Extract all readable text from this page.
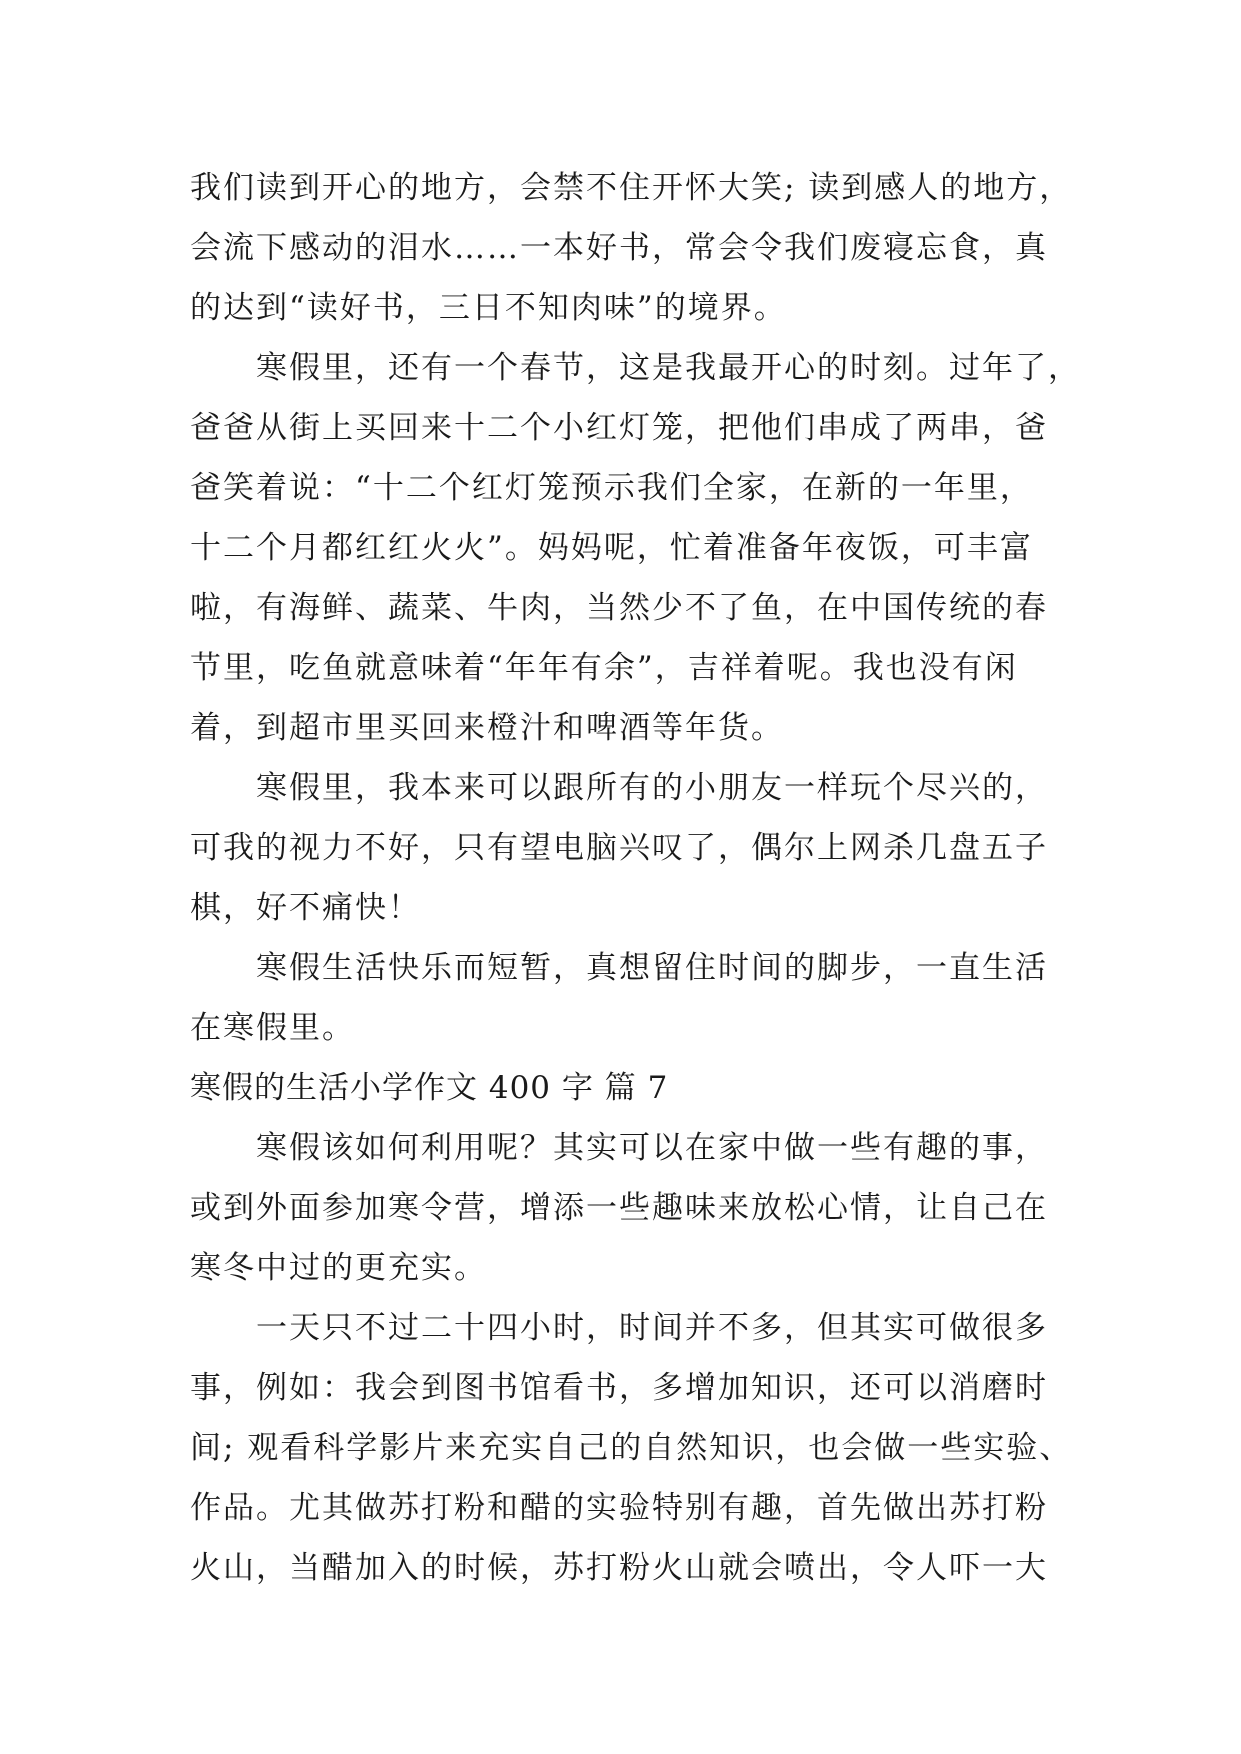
我们读到开心的地方，会禁不住开怀大笑; 读到感人的地方，
会流下感动的泪水……一本好书，常会令我们废寝忘食，真
的达到“读好书，三日不知肉味”的境界。
寒假里，还有一个春节，这是我最开心的时刻。过年了，
爸爸从街上买回来十二个小红灯笼，把他们串成了两串，爸
爸笑着说：“十二个红灯笼预示我们全家，在新的一年里，
十二个月都红红火火”。妈妈呢，忙着准备年夜饭，可丰富
啦，有海鲜、蔬菜、牛肉，当然少不了鱼，在中国传统的春
节里，吃鱼就意味着“年年有余”，吉祥着呢。我也没有闲
着，到超市里买回来橙汁和啤酒等年货。
寒假里，我本来可以跟所有的小朋友一样玩个尽兴的，
可我的视力不好，只有望电脑兴叹了，偶尔上网杀几盘五子
棋，好不痛快！
寒假生活快乐而短暂，真想留住时间的脚步，一直生活
在寒假里。
寒假的生活小学作文 400 字 篇 7
寒假该如何利用呢？其实可以在家中做一些有趣的事，
或到外面参加寒令营，增添一些趣味来放松心情，让自己在
寒冬中过的更充实。
一天只不过二十四小时，时间并不多，但其实可做很多
事，例如：我会到图书馆看书，多增加知识，还可以消磨时
间; 观看科学影片来充实自己的自然知识，也会做一些实验、
作品。尤其做苏打粉和醋的实验特别有趣，首先做出苏打粉
火山，当醋加入的时候，苏打粉火山就会喷出，令人吓一大
